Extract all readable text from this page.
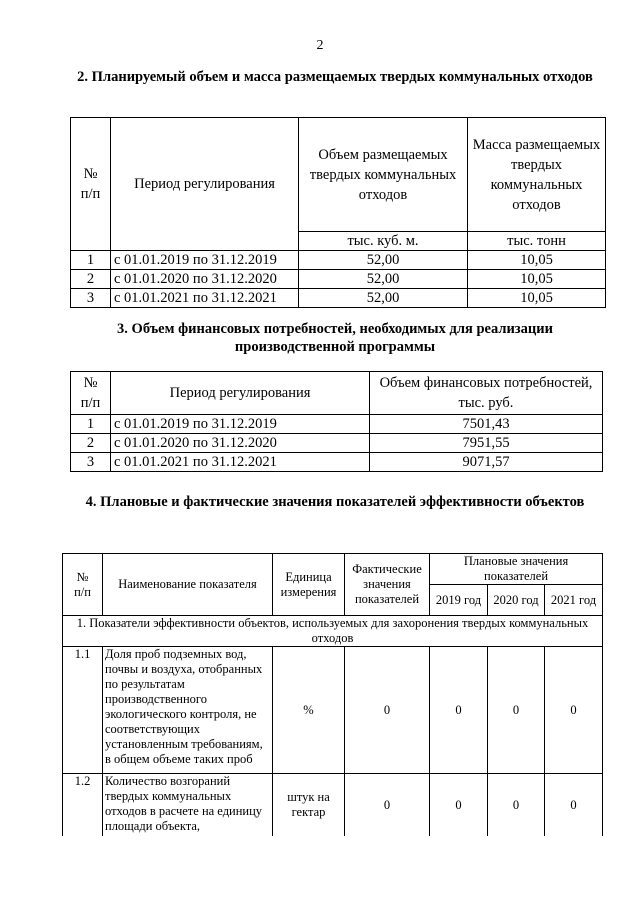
2
2. Планируемый объем и масса размещаемых твердых коммунальных отходов
№
п/п	Период регулирования	Объем размещаемых твердых коммунальных отходов	Масса размещаемых твердых коммунальных отходов
		тыс. куб. м.	тыс. тонн
1	с 01.01.2019 по 31.12.2019	52,00	10,05
2	с 01.01.2020 по 31.12.2020	52,00	10,05
3	с 01.01.2021 по 31.12.2021	52,00	10,05
3. Объем финансовых потребностей, необходимых для реализации производственной программы
№
п/п	Период регулирования	Объем финансовых потребностей, тыс. руб.
1	с 01.01.2019 по 31.12.2019	7501,43
2	с 01.01.2020 по 31.12.2020	7951,55
3	с 01.01.2021 по 31.12.2021	9071,57
4. Плановые и фактические значения показателей эффективности объектов
№
п/п	Наименование показателя	Единица измерения	Фактические значения показателей	Плановые значения показателей		
				2019 год	2020 год	2021 год
1. Показатели эффективности объектов, используемых для захоронения твердых коммунальных отходов						
1.1	Доля проб подземных вод, почвы и воздуха, отобранных по результатам производственного экологического контроля, не соответствующих установленным требованиям, в общем объеме таких проб	%	0	0	0	0
1.2	Количество возгораний твердых коммунальных отходов в расчете на единицу площади объекта,	штук на гектар	0	0	0	0
